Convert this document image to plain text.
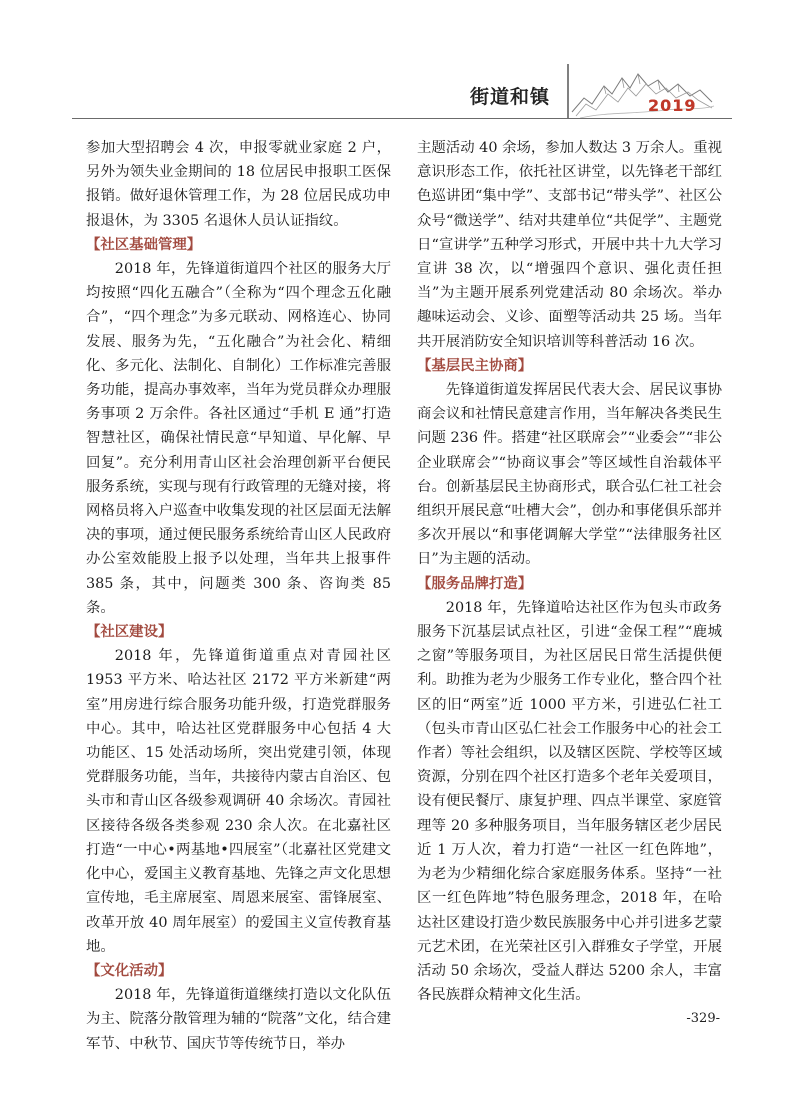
街道和镇	2019

参加大型招聘会 4 次，申报零就业家庭 2 户，另外为领失业金期间的 18 位居民申报职工医保报销。做好退休管理工作，为 28 位居民成功申报退休，为 3305 名退休人员认证指纹。

【社区基础管理】

2018 年，先锋道街道四个社区的服务大厅均按照“四化五融合”（全称为“四个理念五化融合”，“四个理念”为多元联动、网格连心、协同发展、服务为先，“五化融合”为社会化、精细化、多元化、法制化、自制化）工作标准完善服务功能，提高办事效率，当年为党员群众办理服务事项 2 万余件。各社区通过“手机 E 通”打造智慧社区，确保社情民意“早知道、早化解、早回复”。充分利用青山区社会治理创新平台便民服务系统，实现与现有行政管理的无缝对接，将网格员将入户巡查中收集发现的社区层面无法解决的事项，通过便民服务系统给青山区人民政府办公室效能股上报予以处理，当年共上报事件 385 条，其中，问题类 300 条、咨询类 85 条。

【社区建设】

2018 年，先锋道街道重点对青园社区 1953 平方米、哈达社区 2172 平方米新建“两室”用房进行综合服务功能升级，打造党群服务中心。其中，哈达社区党群服务中心包括 4 大功能区、15 处活动场所，突出党建引领，体现党群服务功能，当年，共接待内蒙古自治区、包头市和青山区各级参观调研 40 余场次。青园社区接待各级各类参观 230 余人次。在北嘉社区打造“一中心•两基地•四展室”（北嘉社区党建文化中心，爱国主义教育基地、先锋之声文化思想宣传地，毛主席展室、周恩来展室、雷锋展室、改革开放 40 周年展室）的爱国主义宣传教育基地。

【文化活动】

2018 年，先锋道街道继续打造以文化队伍为主、院落分散管理为辅的“院落”文化，结合建军节、中秋节、国庆节等传统节日，举办

主题活动 40 余场，参加人数达 3 万余人。重视意识形态工作，依托社区讲堂，以先锋老干部红色巡讲团“集中学”、支部书记“带头学”、社区公众号“微送学”、结对共建单位“共促学”、主题党日“宣讲学”五种学习形式，开展中共十九大学习宣讲 38 次，以“增强四个意识、强化责任担当”为主题开展系列党建活动 80 余场次。举办趣味运动会、义诊、面塑等活动共 25 场。当年共开展消防安全知识培训等科普活动 16 次。

【基层民主协商】

先锋道街道发挥居民代表大会、居民议事协商会议和社情民意建言作用，当年解决各类民生问题 236 件。搭建“社区联席会”“业委会”“非公企业联席会”“协商议事会”等区域性自治载体平台。创新基层民主协商形式，联合弘仁社工社会组织开展民意“吐槽大会”，创办和事佬俱乐部并多次开展以“和事佬调解大学堂”“法律服务社区日”为主题的活动。

【服务品牌打造】

2018 年，先锋道哈达社区作为包头市政务服务下沉基层试点社区，引进“金保工程”“鹿城之窗”等服务项目，为社区居民日常生活提供便利。助推为老为少服务工作专业化，整合四个社区的旧“两室”近 1000 平方米，引进弘仁社工（包头市青山区弘仁社会工作服务中心的社会工作者）等社会组织，以及辖区医院、学校等区域资源，分别在四个社区打造多个老年关爱项目，设有便民餐厅、康复护理、四点半课堂、家庭管理等 20 多种服务项目，当年服务辖区老少居民近 1 万人次，着力打造“一社区一红色阵地”，为老为少精细化综合家庭服务体系。坚持“一社区一红色阵地”特色服务理念，2018 年，在哈达社区建设打造少数民族服务中心并引进多艺蒙元艺术团，在光荣社区引入群雅女子学堂，开展活动 50 余场次，受益人群达 5200 余人，丰富各民族群众精神文化生活。

-329-
